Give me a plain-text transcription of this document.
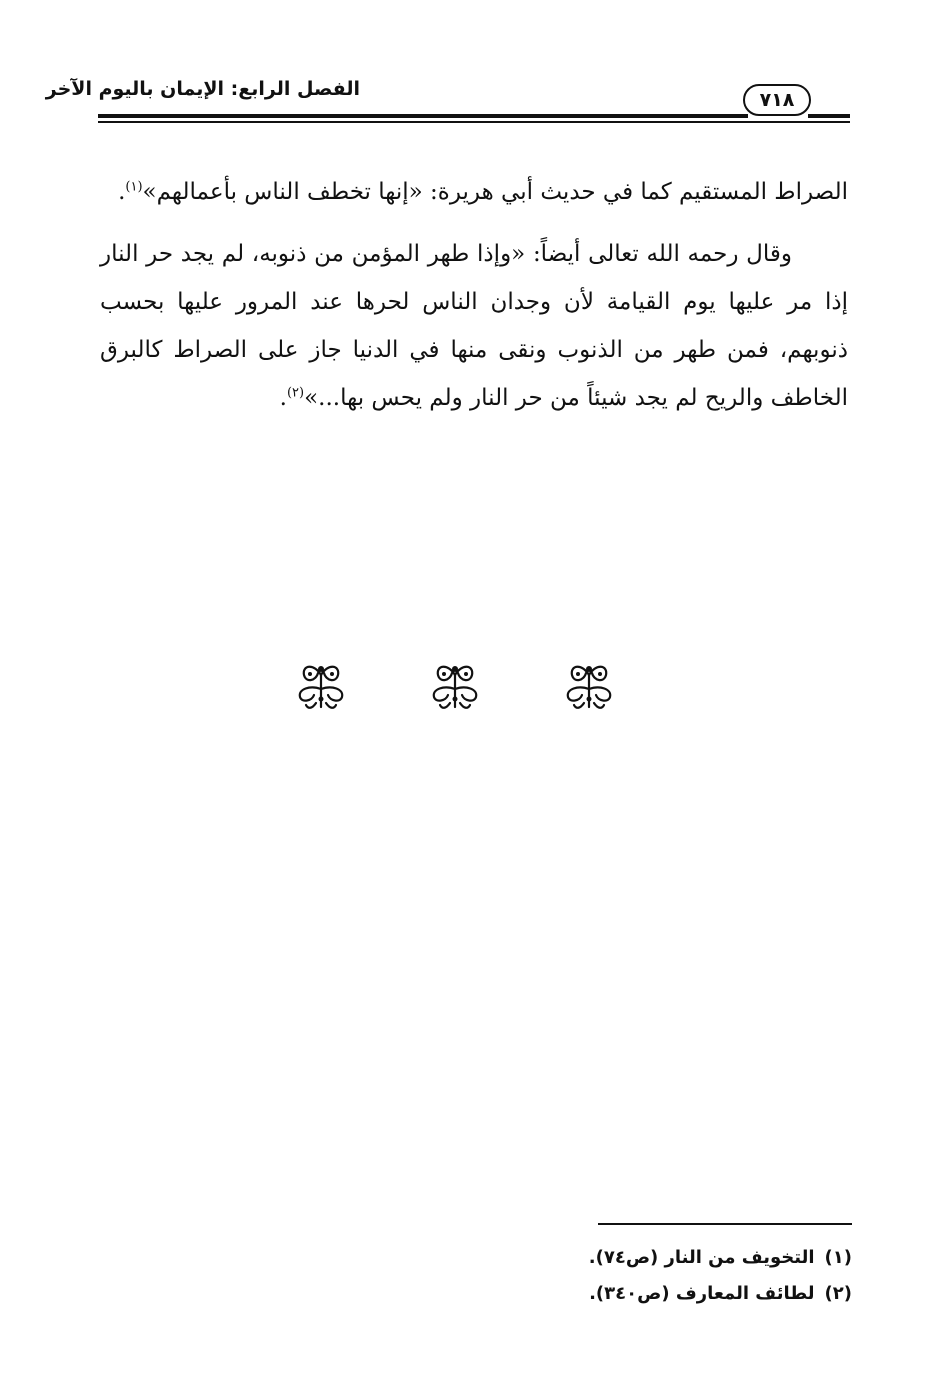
الفصل الرابع: الإيمان باليوم الآخر	٧١٨

الصراط المستقيم كما في حديث أبي هريرة: «إنها تخطف الناس بأعمالهم»$^{(١)}$.

وقال رحمه الله تعالى أيضاً: «وإذا طهر المؤمن من ذنوبه، لم يجد حر النار إذا مر عليها يوم القيامة لأن وجدان الناس لحرها عند المرور عليها بحسب ذنوبهم، فمن طهر من الذنوب ونقى منها في الدنيا جاز على الصراط كالبرق الخاطف والريح لم يجد شيئاً من حر النار ولم يحس بها...»$^{(٢)}$.

(١)التخويف من النار (ص٧٤).
(٢)لطائف المعارف (ص٣٤٠).
